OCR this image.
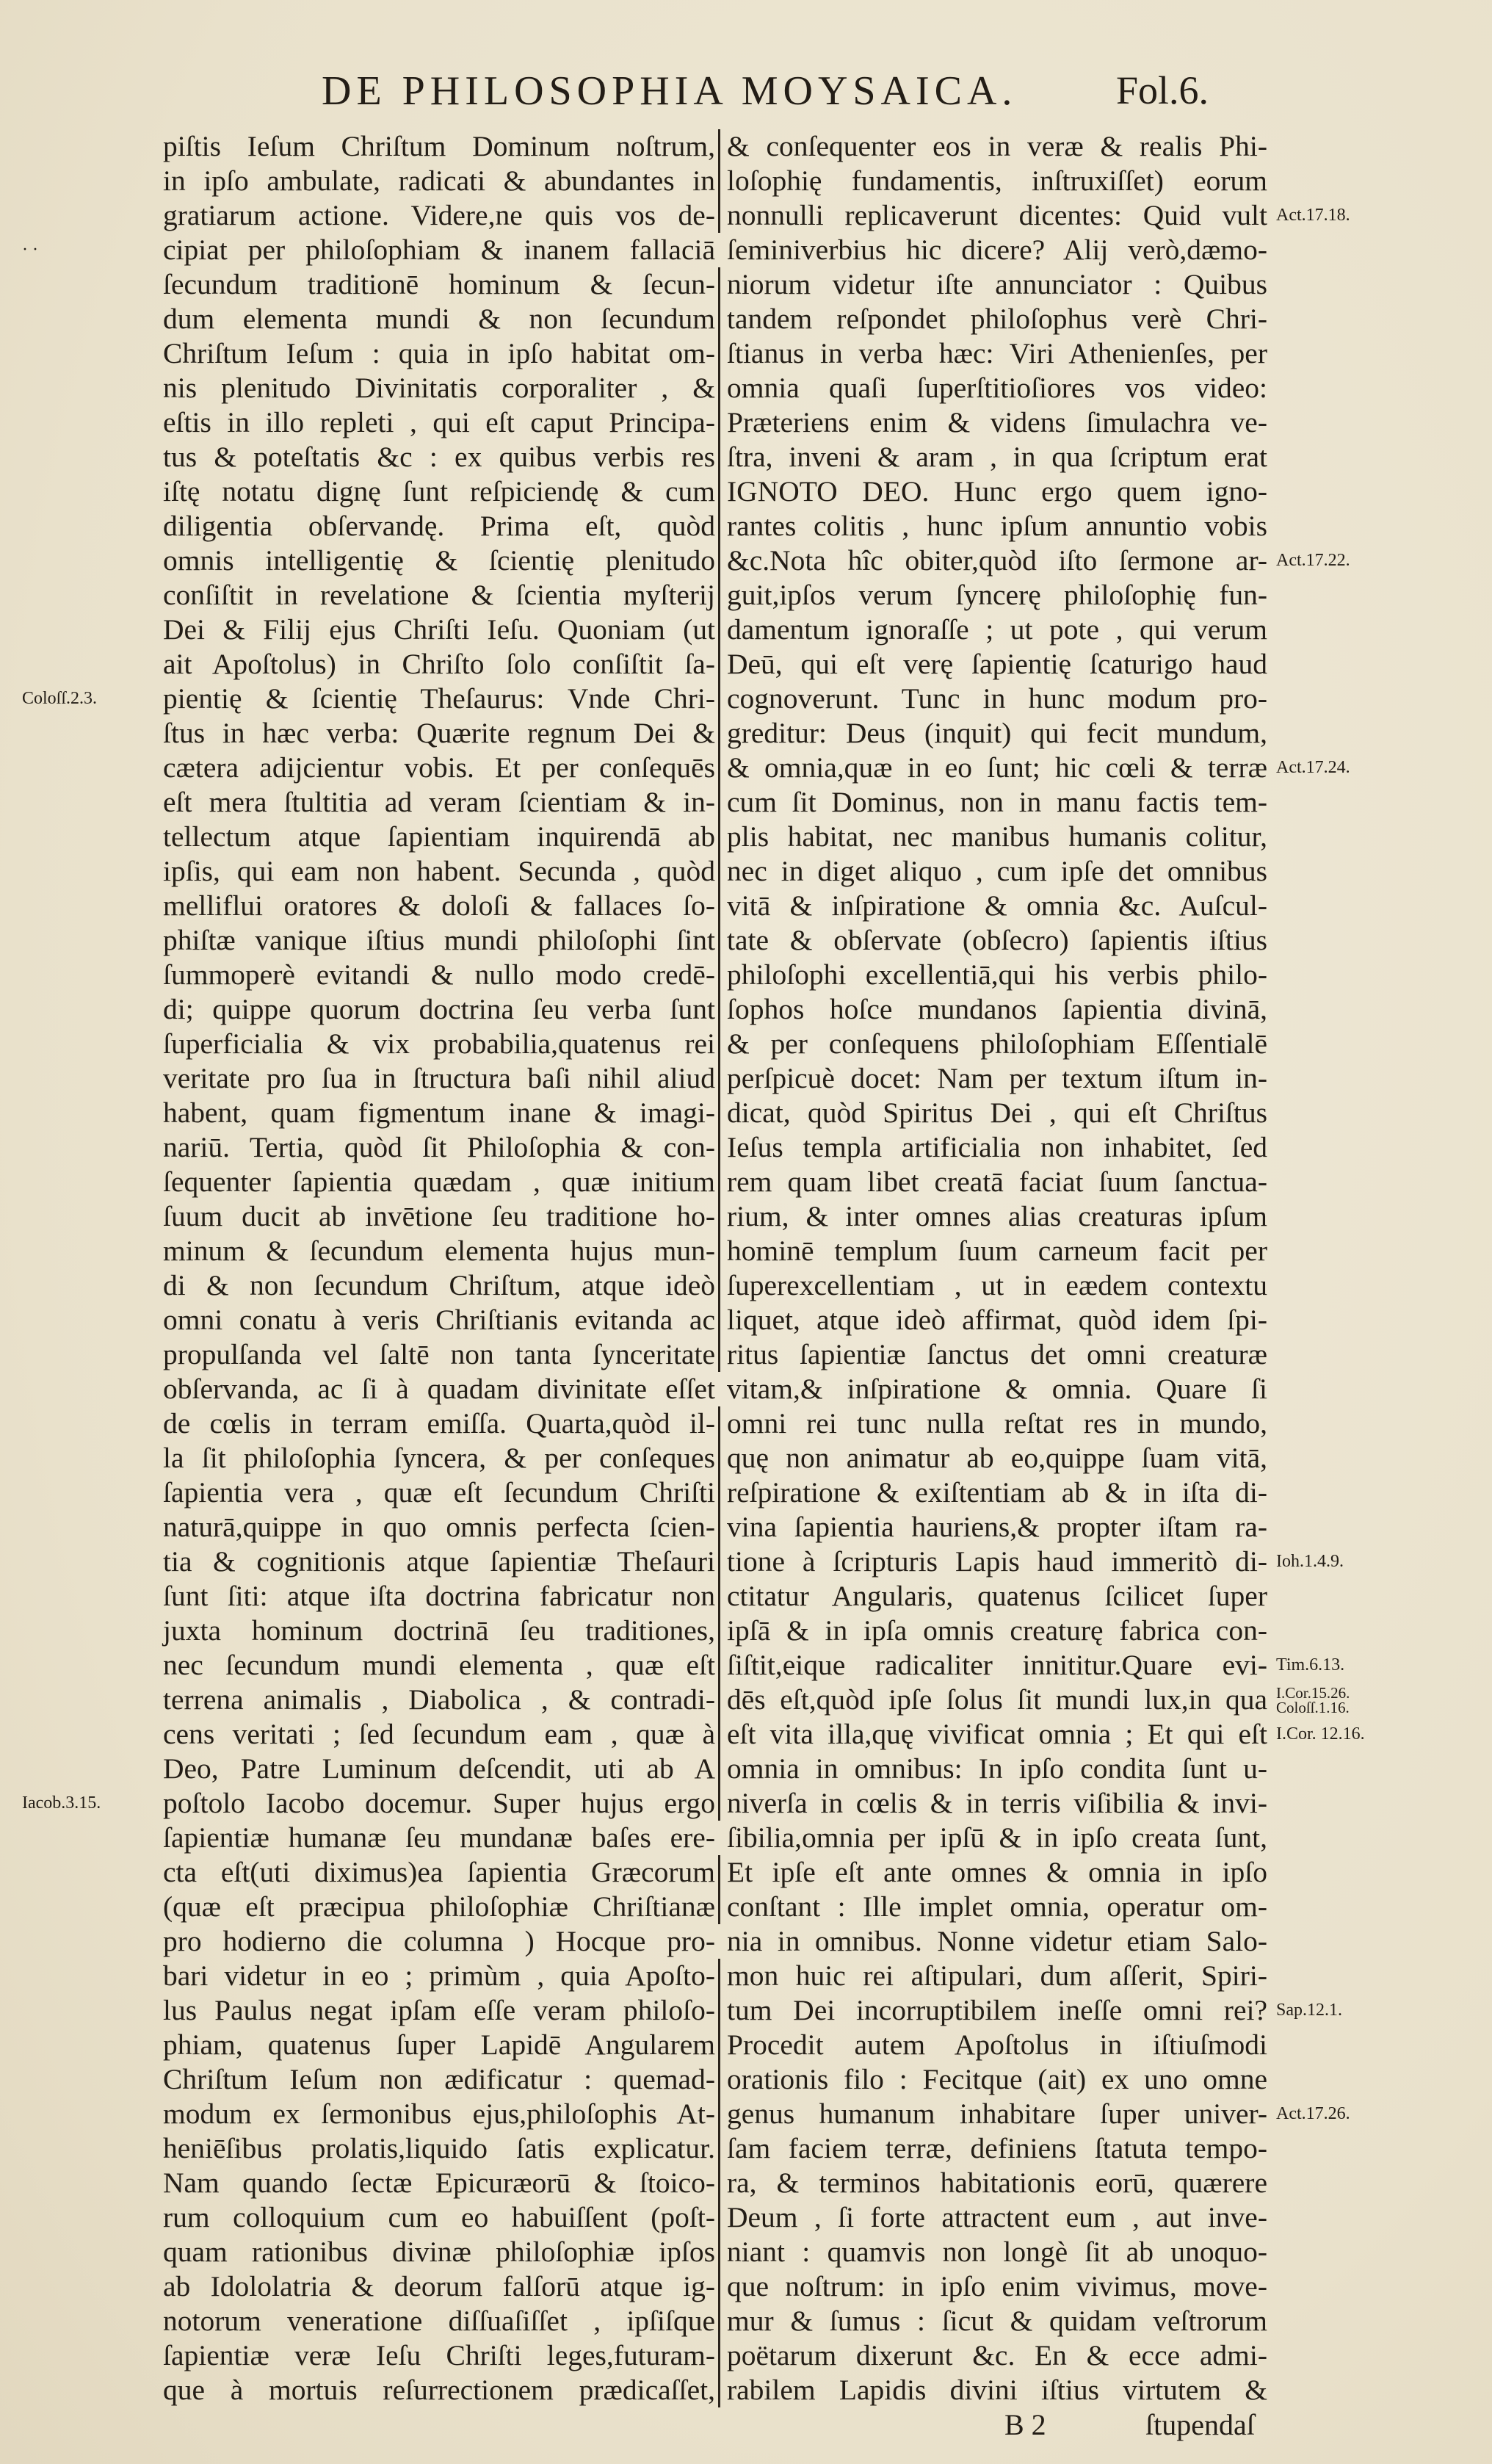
DE PHILOSOPHIA MOYSAICA. Fol.6.
piſtis Ieſum Chriſtum Dominum noſtrum, & conſequenter eos in veræ & realis Phi-
in ipſo ambulate, radicati & abundantes in loſophię fundamentis, inſtruxiſſet) eorum
gratiarum actione. Videre,ne quis vos de- nonnulli replicaverunt dicentes: Quid vult Act.17.18.
cipiat per philoſophiam & inanem fallaciā ſeminiverbius hic dicere? Alij verò,dæmo-
· ·
ſecundum traditionē hominum & ſecun- niorum videtur iſte annunciator : Quibus
dum elementa mundi & non ſecundum tandem reſpondet philoſophus verè Chri-
Chriſtum Ieſum : quia in ipſo habitat om- ſtianus in verba hæc: Viri Athenienſes, per
nis plenitudo Divinitatis corporaliter , & omnia quaſi ſuperſtitioſiores vos video:
eſtis in illo repleti , qui eſt caput Principa- Præteriens enim & videns ſimulachra ve-
tus & poteſtatis &c : ex quibus verbis res ſtra, inveni & aram , in qua ſcriptum erat
iſtę notatu dignę ſunt reſpiciendę & cum IGNOTO DEO. Hunc ergo quem igno-
diligentia obſervandę. Prima eſt, quòd rantes colitis , hunc ipſum annuntio vobis
omnis intelligentię & ſcientię plenitudo &c.Nota hîc obiter,quòd iſto ſermone ar- Act.17.22.
conſiſtit in revelatione & ſcientia myſterij guit,ipſos verum ſyncerę philoſophię fun-
Dei & Filij ejus Chriſti Ieſu. Quoniam (ut damentum ignoraſſe ; ut pote , qui verum
ait Apoſtolus) in Chriſto ſolo conſiſtit ſa- Deū, qui eſt verę ſapientię ſcaturigo haud
pientię & ſcientię Theſaurus: Vnde Chri- cognoverunt. Tunc in hunc modum pro-
Coloſſ.2.3.
ſtus in hæc verba: Quærite regnum Dei & greditur: Deus (inquit) qui fecit mundum,
cætera adijcientur vobis. Et per conſequēs & omnia,quæ in eo ſunt; hic cœli & terræ Act.17.24.
eſt mera ſtultitia ad veram ſcientiam & in- cum ſit Dominus, non in manu factis tem-
tellectum atque ſapientiam inquirendā ab plis habitat, nec manibus humanis colitur,
ipſis, qui eam non habent. Secunda , quòd nec in diget aliquo , cum ipſe det omnibus
melliflui oratores & doloſi & fallaces ſo- vitā & inſpiratione & omnia &c. Auſcul-
phiſtæ vanique iſtius mundi philoſophi ſint tate & obſervate (obſecro) ſapientis iſtius
ſummoperè evitandi & nullo modo credē- philoſophi excellentiā,qui his verbis philo-
di; quippe quorum doctrina ſeu verba ſunt ſophos hoſce mundanos ſapientia divinā,
ſuperficialia & vix probabilia,quatenus rei & per conſequens philoſophiam Eſſentialē
veritate pro ſua in ſtructura baſi nihil aliud perſpicuè docet: Nam per textum iſtum in-
habent, quam figmentum inane & imagi- dicat, quòd Spiritus Dei , qui eſt Chriſtus
nariū. Tertia, quòd ſit Philoſophia & con- Ieſus templa artificialia non inhabitet, ſed
ſequenter ſapientia quædam , quæ initium rem quam libet creatā faciat ſuum ſanctua-
ſuum ducit ab invētione ſeu traditione ho- rium, & inter omnes alias creaturas ipſum
minum & ſecundum elementa hujus mun- hominē templum ſuum carneum facit per
di & non ſecundum Chriſtum, atque ideò ſuperexcellentiam , ut in eædem contextu
omni conatu à veris Chriſtianis evitanda ac liquet, atque ideò affirmat, quòd idem ſpi-
propulſanda vel ſaltē non tanta ſynceritate ritus ſapientiæ ſanctus det omni creaturæ
obſervanda, ac ſi à quadam divinitate eſſet vitam,& inſpiratione & omnia. Quare ſi
de cœlis in terram emiſſa. Quarta,quòd il- omni rei tunc nulla reſtat res in mundo,
la ſit philoſophia ſyncera, & per conſeques quę non animatur ab eo,quippe ſuam vitā,
ſapientia vera , quæ eſt ſecundum Chriſti reſpiratione & exiſtentiam ab & in iſta di-
naturā,quippe in quo omnis perfecta ſcien- vina ſapientia hauriens,& propter iſtam ra-
tia & cognitionis atque ſapientiæ Theſauri tione à ſcripturis Lapis haud immeritò di- Ioh.1.4.9.
ſunt ſiti: atque iſta doctrina fabricatur non ctitatur Angularis, quatenus ſcilicet ſuper
juxta hominum doctrinā ſeu traditiones, ipſā & in ipſa omnis creaturę fabrica con-
nec ſecundum mundi elementa , quæ eſt ſiſtit,eique radicaliter innititur.Quare evi- Tim.6.13.
terrena animalis , Diabolica , & contradi- dēs eſt,quòd ipſe ſolus ſit mundi lux,in qua I.Cor.15.26.
Coloſſ.1.16.
cens veritati ; ſed ſecundum eam , quæ à eſt vita illa,quę vivificat omnia ; Et qui eſt I.Cor. 12.16.
Deo, Patre Luminum deſcendit, uti ab A omnia in omnibus: In ipſo condita ſunt u-
poſtolo Iacobo docemur. Super hujus ergo niverſa in cœlis & in terris viſibilia & invi-
Iacob.3.15.
ſapientiæ humanæ ſeu mundanæ baſes ere- ſibilia,omnia per ipſū & in ipſo creata ſunt,
cta eſt(uti diximus)ea ſapientia Græcorum Et ipſe eſt ante omnes & omnia in ipſo
(quæ eſt præcipua philoſophiæ Chriſtianæ conſtant : Ille implet omnia, operatur om-
pro hodierno die columna ) Hocque pro- nia in omnibus. Nonne videtur etiam Salo-
bari videtur in eo ; primùm , quia Apoſto- mon huic rei aſtipulari, dum aſſerit, Spiri-
lus Paulus negat ipſam eſſe veram philoſo- tum Dei incorruptibilem ineſſe omni rei? Sap.12.1.
phiam, quatenus ſuper Lapidē Angularem Procedit autem Apoſtolus in iſtiuſmodi
Chriſtum Ieſum non ædificatur : quemad- orationis filo : Fecitque (ait) ex uno omne
modum ex ſermonibus ejus,philoſophis At- genus humanum inhabitare ſuper univer- Act.17.26.
heniēſibus prolatis,liquido ſatis explicatur. ſam faciem terræ, definiens ſtatuta tempo-
Nam quando ſectæ Epicuræorū & ſtoico- ra, & terminos habitationis eorū, quærere
rum colloquium cum eo habuiſſent (poſt- Deum , ſi forte attractent eum , aut inve-
quam rationibus divinæ philoſophiæ ipſos niant : quamvis non longè ſit ab unoquo-
ab Idololatria & deorum falſorū atque ig- que noſtrum: in ipſo enim vivimus, move-
notorum veneratione diſſuaſiſſet , ipſiſque mur & ſumus : ſicut & quidam veſtrorum
ſapientiæ veræ Ieſu Chriſti leges,futuram- poëtarum dixerunt &c. En & ecce admi-
que à mortuis reſurrectionem prædicaſſet, rabilem Lapidis divini iſtius virtutem &
B 2	ſtupendaſ
